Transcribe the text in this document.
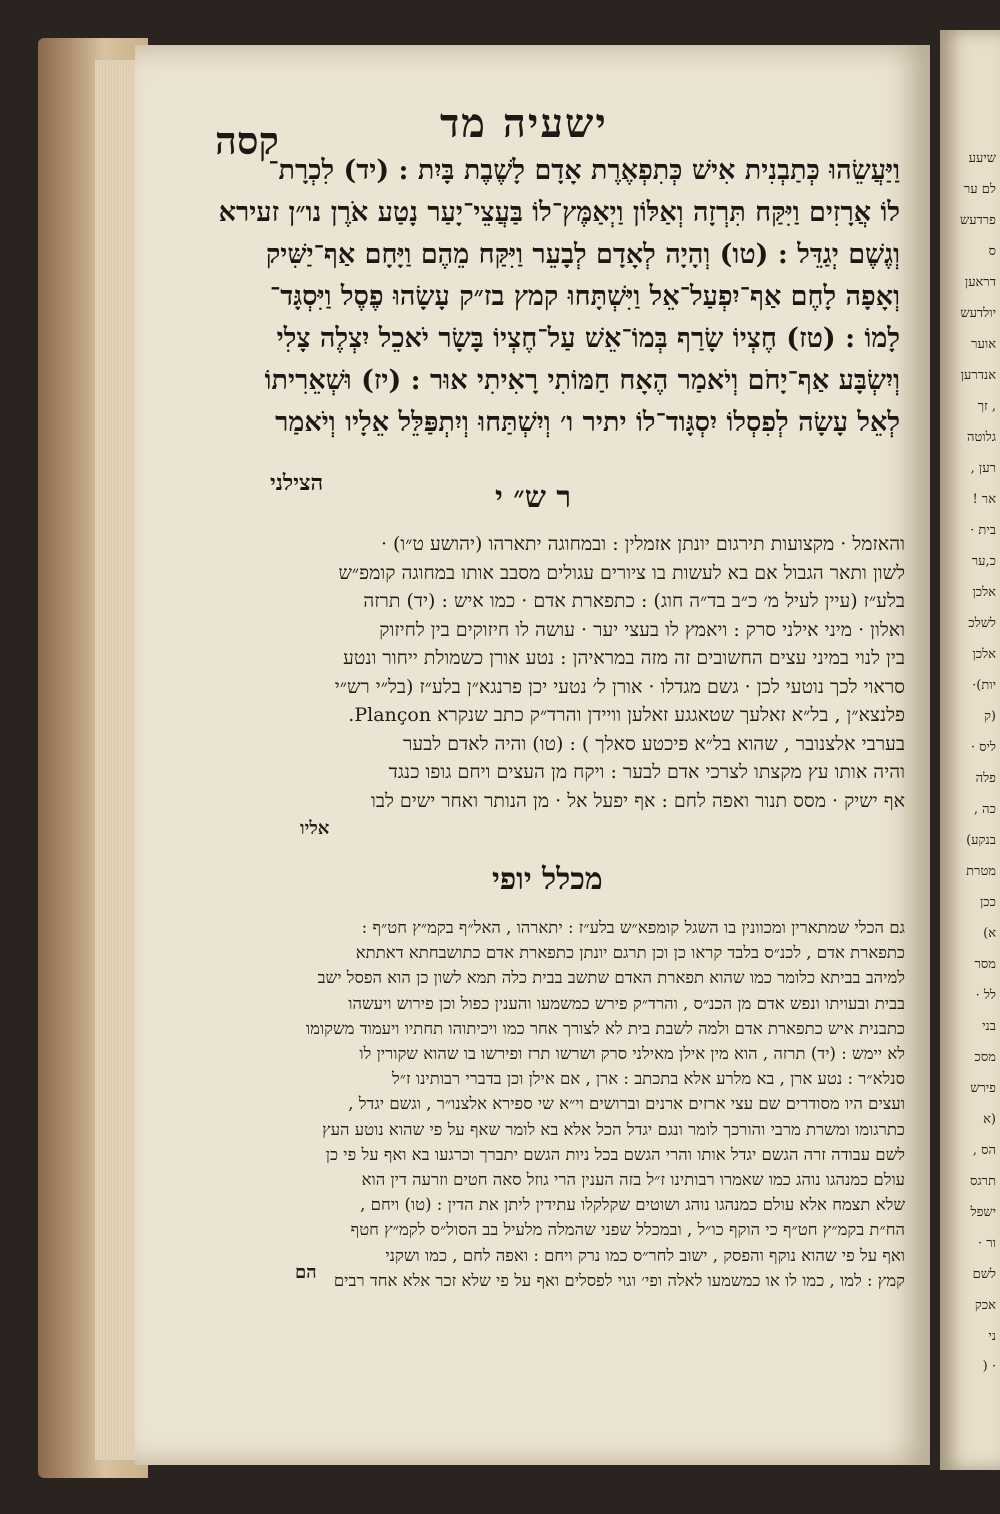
שיעע
לם ער
פרדעש
ס
דראען
יולדעש
אוער
אנדרען
, זך
גלוטה
רען ,
אר !
בית ·
כ,ער
אלכן
לשלכ
אלכן
יות)·
(ק
ליס ·
פלה
כה ,
בנקע)
מטרת
ככן
א)
מסר
לל ·
בני
מסכ
פירש
(א
הס ,
תרגס
ישפל
ור ·
לשם
אכק
ני
· (
ישעיה מד
קסה
וַיַּעֲשֵׂהוּ כְּתַבְנִית אִישׁ כְּתִפְאֶרֶת אָדָם לָשֶׁבֶת בָּיִת : (יד) לִכְרָת־
לוֹ אֲרָזִים וַיִּקַּח תִּרְזָה וְאַלּוֹן וַיְאַמֶּץ־לוֹ בַּעֲצֵי־יָעַר נָטַע אֹרֶן נו״ן זעירא
וְגֶשֶׁם יְגַדֵּל : (טו) וְהָיָה לְאָדָם לְבָעֵר וַיִּקַּח מֵהֶם וַיָּחָם אַף־יַשִּׁיק
וְאָפָה לָחֶם אַף־יִפְעַל־אֵל וַיִּשְׁתָּחוּ קמץ בז״ק עָשָׂהוּ פֶסֶל וַיִּסְגָּד־
לָמוֹ : (טז) חֶצְיוֹ שָׂרַף בְּמוֹ־אֵשׁ עַל־חֶצְיוֹ בָּשָׂר יֹאכֵל יִצְלֶה צָלִי
וְיִשְׂבָּע אַף־יָחֹם וְיֹאמַר הֶאָח חַמּוֹתִי רָאִיתִי אוּר : (יז) וּשְׁאֵרִיתוֹ
לְאֵל עָשָׂה לְפִסְלוֹ יִסְגָּוד־לוֹ יתיר ו׳ וְיִשְׁתַּחוּ וְיִתְפַּלֵּל אֵלָיו וְיֹאמַר
הצילני	ר ש״ י
והאזמל · מקצועות תירגום יונתן אזמלין : ובמחוגה יתארהו (יהושע ט״ו) ·
לשון ותאר הגבול אם בא לעשות בו ציורים עגולים מסבב אותו במחוגה קומפ״ש
בלע״ז (עיין לעיל מ׳ כ״ב בד״ה חוג) : כתפארת אדם · כמו איש : (יד) תרזה
ואלון · מיני אילני סרק : ויאמץ לו בעצי יער · עושה לו חיזוקים בין לחיזוק
בין לנוי במיני עצים החשובים זה מזה במראיהן : נטע אורן כשמולת ייחור ונטע
סראוי לכך נוטעי לכן · גשם מגדלו · אורן ל׳ נטעי יכן פרנגא״ן בלע״ז (בל״י רש״י
פלנצא״ן , בל״א זאלעך שטאגגע זאלען וויידן והרד״ק כתב שנקרא Plançon.
בערבי אלצנובר , שהוא בל״א פיכטע סאלך ) : (טו) והיה לאדם לבער
והיה אותו עץ מקצתו לצרכי אדם לבער : ויקח מן העצים ויחם גופו כנגד
אף ישיק · מסס תנור ואפה לחם : אף יפעל אל · מן הנותר ואחר ישים לבו
אליו
מכלל יופי
גם הכלי שמתארין ומכוונין בו השגל קומפא״ש בלע״ז : יתארהו , האל״ף בקמ״ץ חט״ף :
כתפארת אדם , לכנ״ס בלבד קראו כן וכן תרגם יונתן כתפארת אדם כתושבחתא דאתתא
למיהב בביתא כלומר כמו שהוא תפארת האדם שתשב בבית כלה תמא לשון כן הוא הפסל ישב
בבית ובעויתו ונפש אדם מן הכנ״ס , והרד״ק פירש כמשמעו והענין כפול וכן פירוש ויעשהו
כתבנית איש כתפארת אדם ולמה לשבת בית לא לצורך אחר כמו ויכיתוהו תחתיו ויעמוד משקומו
לא יימש : (יד) תרזה , הוא מין אילן מאילני סרק ושרשו תרז ופירשו בו שהוא שקורין לו
סנלא״ר : נטע ארן , בא מלרע אלא בתכתב : ארן , אם אילן וכן בדברי רבותינו ז״ל
ועצים היו מסודרים שם עצי ארזים ארנים וברושים וי״א שי ספירא אלצנו״ר , וגשם יגדל ,
כתרגומו ומשרת מרבי והורכך לומר ונגם יגדל הכל אלא בא לומר שאף על פי שהוא נוטע העץ
לשם עבודה זרה הגשם יגדל אותו והרי הגשם בכל ניות הגשם יתברך וכרגעו בא ואף על פי כן
עולם כמנהגו נוהג כמו שאמרו רבותינו ז״ל בזה הענין הרי גוזל סאה חטים וזרעה דין הוא
שלא תצמח אלא עולם כמנהגו נוהג ושוטים שקלקלו עתידין ליתן את הדין : (טו) ויחם ,
הח״ת בקמ״ץ חט״ף כי הוקף כו״ל , ובמכלל שפני שהמלה מלעיל בב הסול״ס לקמ״ץ חטף
ואף על פי שהוא נוקף והפסק , ישוב לחר״ס כמו נרק ויחם : ואפה לחם , כמו ושקני
קמץ : למו , כמו לו או כמשמעו לאלה ופי׳ וגוי לפסלים ואף על פי שלא זכר אלא אחד רבים
הם
